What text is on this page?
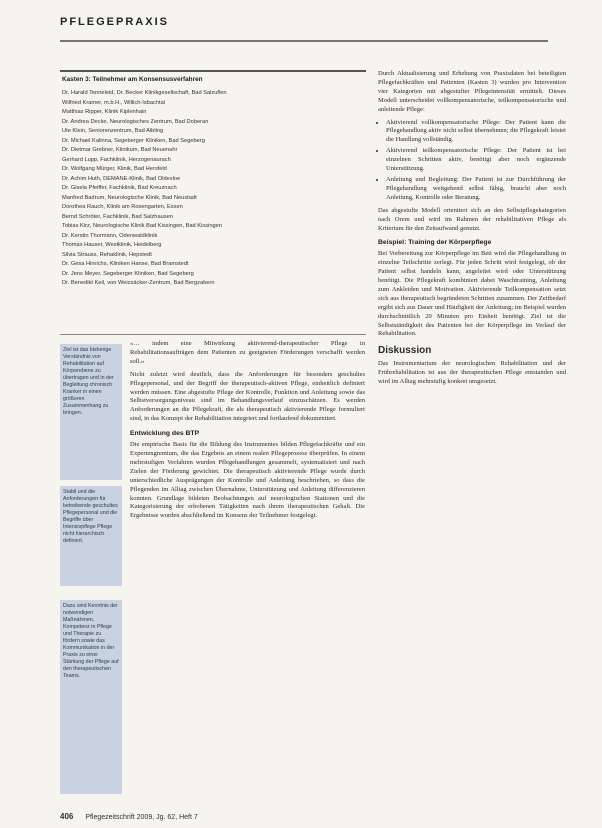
PFLEGEPRAXIS
Kasten 3: Teilnehmer am Konsensusverfahren
Dr. Harald Tenneleid, Dr. Becker Klinikgesellschaft, Bad Salzuflen
Wilfried Kramer, m.b.H., Willich-Isbachtal
Matthias Ripper, Klinik Kiplenhain
Dr. Andrea Decke, Neurologisches Zentrum, Bad Doberan
Ute Klein, Seniorenzentrum, Bad Aibling
Dr. Michael Kalinna, Segeberger Kliniken, Bad Segeberg
Dr. Dietmar Grebner, Klinikum, Bad Neuenahr
Gerhard Lupp, Fachklinik, Herzogenaurach
Dr. Wolfgang Mürger, Klinik, Bad Hersfeld
Dr. Achim Huth, DEMANE-Klinik, Bad Oldesloe
Dr. Gisela Pfeiffer, Fachklinik, Bad Kreuznach
Manfred Badrum, Neurologische Klinik, Bad Neustadt
Dorothea Rauch, Klinik am Rosengarten, Essen
Bernd Schröter, Fachklinik, Bad Salzhausen
Tobias Kirz, Neurologische Klinik Bad Kissingen, Bad Kissingen
Dr. Kerstin Thormann, Odenwaldklinik
Thomas Hauser, Westklinik, Heidelberg
Silvia Strauss, Rehaklinik, Hepstedt
Dr. Gesa Hinrichs, Kliniken Hanse, Bad Bramstedt
Dr. Jens Meyer, Segeberger Kliniken, Bad Segeberg
Dr. Benedikt Keil, von Weizsäcker-Zentrum, Bad Bergzabern
Ziel ist das bisherige Verständnis von Rehabilitation auf Körperebene zu übertragen und in der Begleitung chronisch Kranker in einen größeren Zusammenhang zu bringen.
Stabil und die Anforderungen für betreibende geschultes Pflegepersonal und die Begriffe über Intensivpflege Pflege nicht hierarchisch definiert.
Dazu sind Kenntnis der notwendigen Maßnahmen, Kompetenz in Pflege und Therapie zu fördern sowie das Kommunikation in der Praxis zu einer Stärkung der Pflege auf den therapeutischen Teams.

«… indem eine Mitwirkung aktivierend-therapeutischer Pflege in Rehabilitationsaufträgen dem Patienten zu geeigneten Förderungen verschafft werden soll.»

Nicht zuletzt wird deutlich, dass die Anforderungen für besonders geschultes Pflegepersonal, und der Begriff der therapeutisch-aktiven Pflege, einheitlich definiert werden müssen. Eine abgestufte Pflege der Kontrolle, Funktion und Anleitung sowie das Selbstversorgungsniveau sind im Behandlungsverlauf einzuschätzen. Es werden Anforderungen an die Pflegekraft, die als therapeutisch aktivierende Pflege formuliert sind, in das Konzept der Rehabilitation integriert und fortlaufend dokumentiert.

Entwicklung des BTP

Die empirische Basis für die Bildung des Instrumentes bilden Pflegefachkräfte und ein Expertengremium, die das Ergebnis an einem realen Pflegeprozess überprüfen. In einem mehrstufigen Verfahren wurden Pflegehandlungen gesammelt, systematisiert und nach Zielen der Förderung gewichtet. Die therapeutisch aktivierende Pflege wurde durch unterschiedliche Ausprägungen der Kontrolle und Anleitung beschrieben, so dass die Pflegenden im Alltag zwischen Übernahme, Unterstützung und Anleitung differenzieren konnten. Grundlage bildeten Beobachtungen auf neurologischen Stationen und die Kategorisierung der erhobenen Tätigkeiten nach ihrem therapeutischen Gehalt. Die Ergebnisse wurden abschließend im Konsens der Teilnehmer festgelegt.

Durch Aktualisierung und Erhebung von Praxisdaten bei beteiligten Pflegefachkräften und Patienten (Kasten 3) wurden pro Intervention vier Kategorien mit abgestufter Pflegeintensität ermittelt. Dieses Modell unterscheidet vollkompensatorische, teilkompensatorische und anleitende Pflege:

• Aktivierend vollkompensatorische Pflege: Der Patient kann die Pflegehandlung aktiv nicht selbst übernehmen; die Pflegekraft leistet die Handlung vollständig.
• Aktivierend teilkompensatorische Pflege: Der Patient ist bei einzelnen Schritten aktiv, benötigt aber noch ergänzende Unterstützung.
• Anleitung und Begleitung: Der Patient ist zur Durchführung der Pflegehandlung weitgehend selbst fähig, braucht aber noch Anleitung, Kontrolle oder Beratung.

Das abgestufte Modell orientiert sich an den Selbstpflegekategorien nach Orem und wird im Rahmen der rehabilitativen Pflege als Kriterium für den Zeitaufwand genutzt.

Beispiel: Training der Körperpflege

Bei Vorbereitung zur Körperpflege im Bett wird die Pflegehandlung in einzelne Teilschritte zerlegt. Für jeden Schritt wird festgelegt, ob der Patient selbst handeln kann, angeleitet wird oder Unterstützung benötigt. Die Pflegekraft kombiniert dabei Waschtraining, Anleitung zum Ankleiden und Motivation. Aktivierende Teilkompensation setzt sich aus therapeutisch begründeten Schritten zusammen. Der Zeitbedarf ergibt sich aus Dauer und Häufigkeit der Anleitung; im Beispiel wurden durchschnittlich 20 Minuten pro Einheit benötigt. Ziel ist die Selbstständigkeit des Patienten bei der Körperpflege im Verlauf der Rehabilitation.

Diskussion

Das Instrumentarium der neurologischen Rehabilitation und der Frührehabilitation ist aus der therapeutischen Pflege entstanden und wird im Alltag mehrstufig konkret umgesetzt.

406 Pflegezeitschrift 2009, Jg. 62, Heft 7
